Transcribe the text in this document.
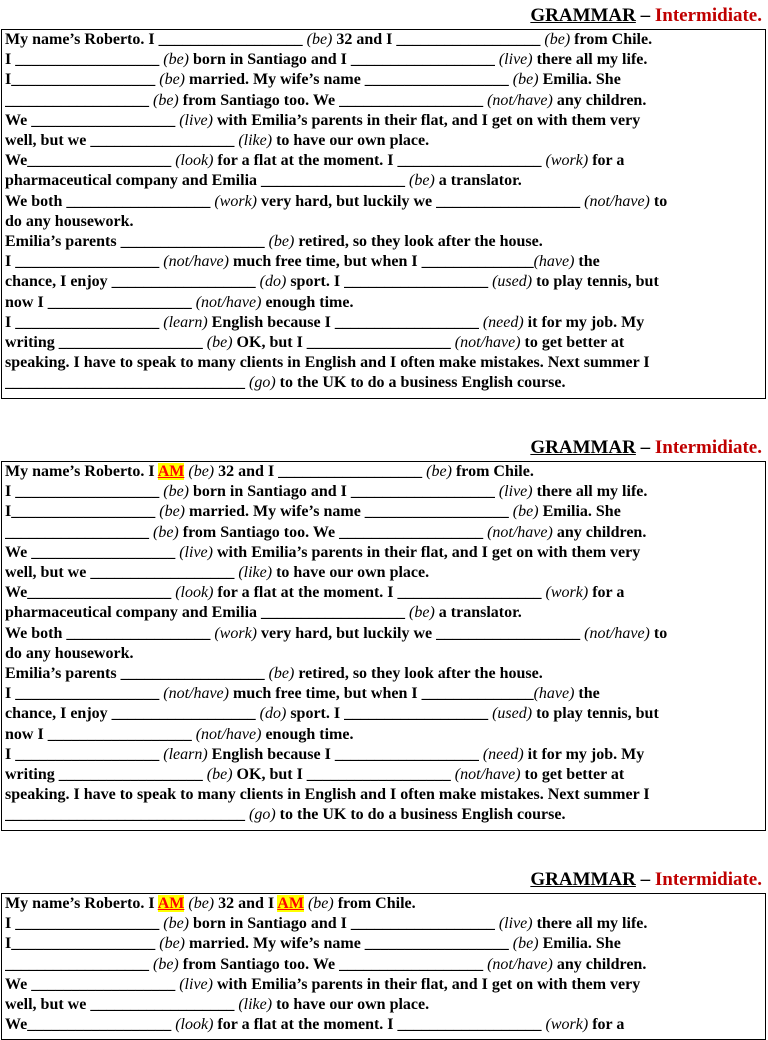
GRAMMAR – Intermidiate.
My name’s Roberto. I __________________ (be) 32 and I __________________ (be) from Chile.
I __________________ (be) born in Santiago and I __________________ (live) there all my life.
I__________________ (be) married. My wife’s name __________________ (be) Emilia. She
__________________ (be) from Santiago too. We __________________ (not/have) any children.
We __________________ (live) with Emilia’s parents in their flat, and I get on with them very
well, but we __________________ (like) to have our own place.
We__________________ (look) for a flat at the moment. I __________________ (work) for a
pharmaceutical company and Emilia __________________ (be) a translator.
We both __________________ (work) very hard, but luckily we __________________ (not/have) to
do any housework.
Emilia’s parents __________________ (be) retired, so they look after the house.
I __________________ (not/have) much free time, but when I ______________(have) the
chance, I enjoy __________________ (do) sport. I __________________ (used) to play tennis, but
now I __________________ (not/have) enough time.
I __________________ (learn) English because I __________________ (need) it for my job. My
writing __________________ (be) OK, but I __________________ (not/have) to get better at
speaking. I have to speak to many clients in English and I often make mistakes. Next summer I
______________________________ (go) to the UK to do a business English course.
GRAMMAR – Intermidiate.
My name’s Roberto. I AM (be) 32 and I __________________ (be) from Chile.
I __________________ (be) born in Santiago and I __________________ (live) there all my life.
I__________________ (be) married. My wife’s name __________________ (be) Emilia. She
__________________ (be) from Santiago too. We __________________ (not/have) any children.
We __________________ (live) with Emilia’s parents in their flat, and I get on with them very
well, but we __________________ (like) to have our own place.
We__________________ (look) for a flat at the moment. I __________________ (work) for a
pharmaceutical company and Emilia __________________ (be) a translator.
We both __________________ (work) very hard, but luckily we __________________ (not/have) to
do any housework.
Emilia’s parents __________________ (be) retired, so they look after the house.
I __________________ (not/have) much free time, but when I ______________(have) the
chance, I enjoy __________________ (do) sport. I __________________ (used) to play tennis, but
now I __________________ (not/have) enough time.
I __________________ (learn) English because I __________________ (need) it for my job. My
writing __________________ (be) OK, but I __________________ (not/have) to get better at
speaking. I have to speak to many clients in English and I often make mistakes. Next summer I
______________________________ (go) to the UK to do a business English course.
GRAMMAR – Intermidiate.
My name’s Roberto. I AM (be) 32 and I AM (be) from Chile.
I __________________ (be) born in Santiago and I __________________ (live) there all my life.
I__________________ (be) married. My wife’s name __________________ (be) Emilia. She
__________________ (be) from Santiago too. We __________________ (not/have) any children.
We __________________ (live) with Emilia’s parents in their flat, and I get on with them very
well, but we __________________ (like) to have our own place.
We__________________ (look) for a flat at the moment. I __________________ (work) for a
